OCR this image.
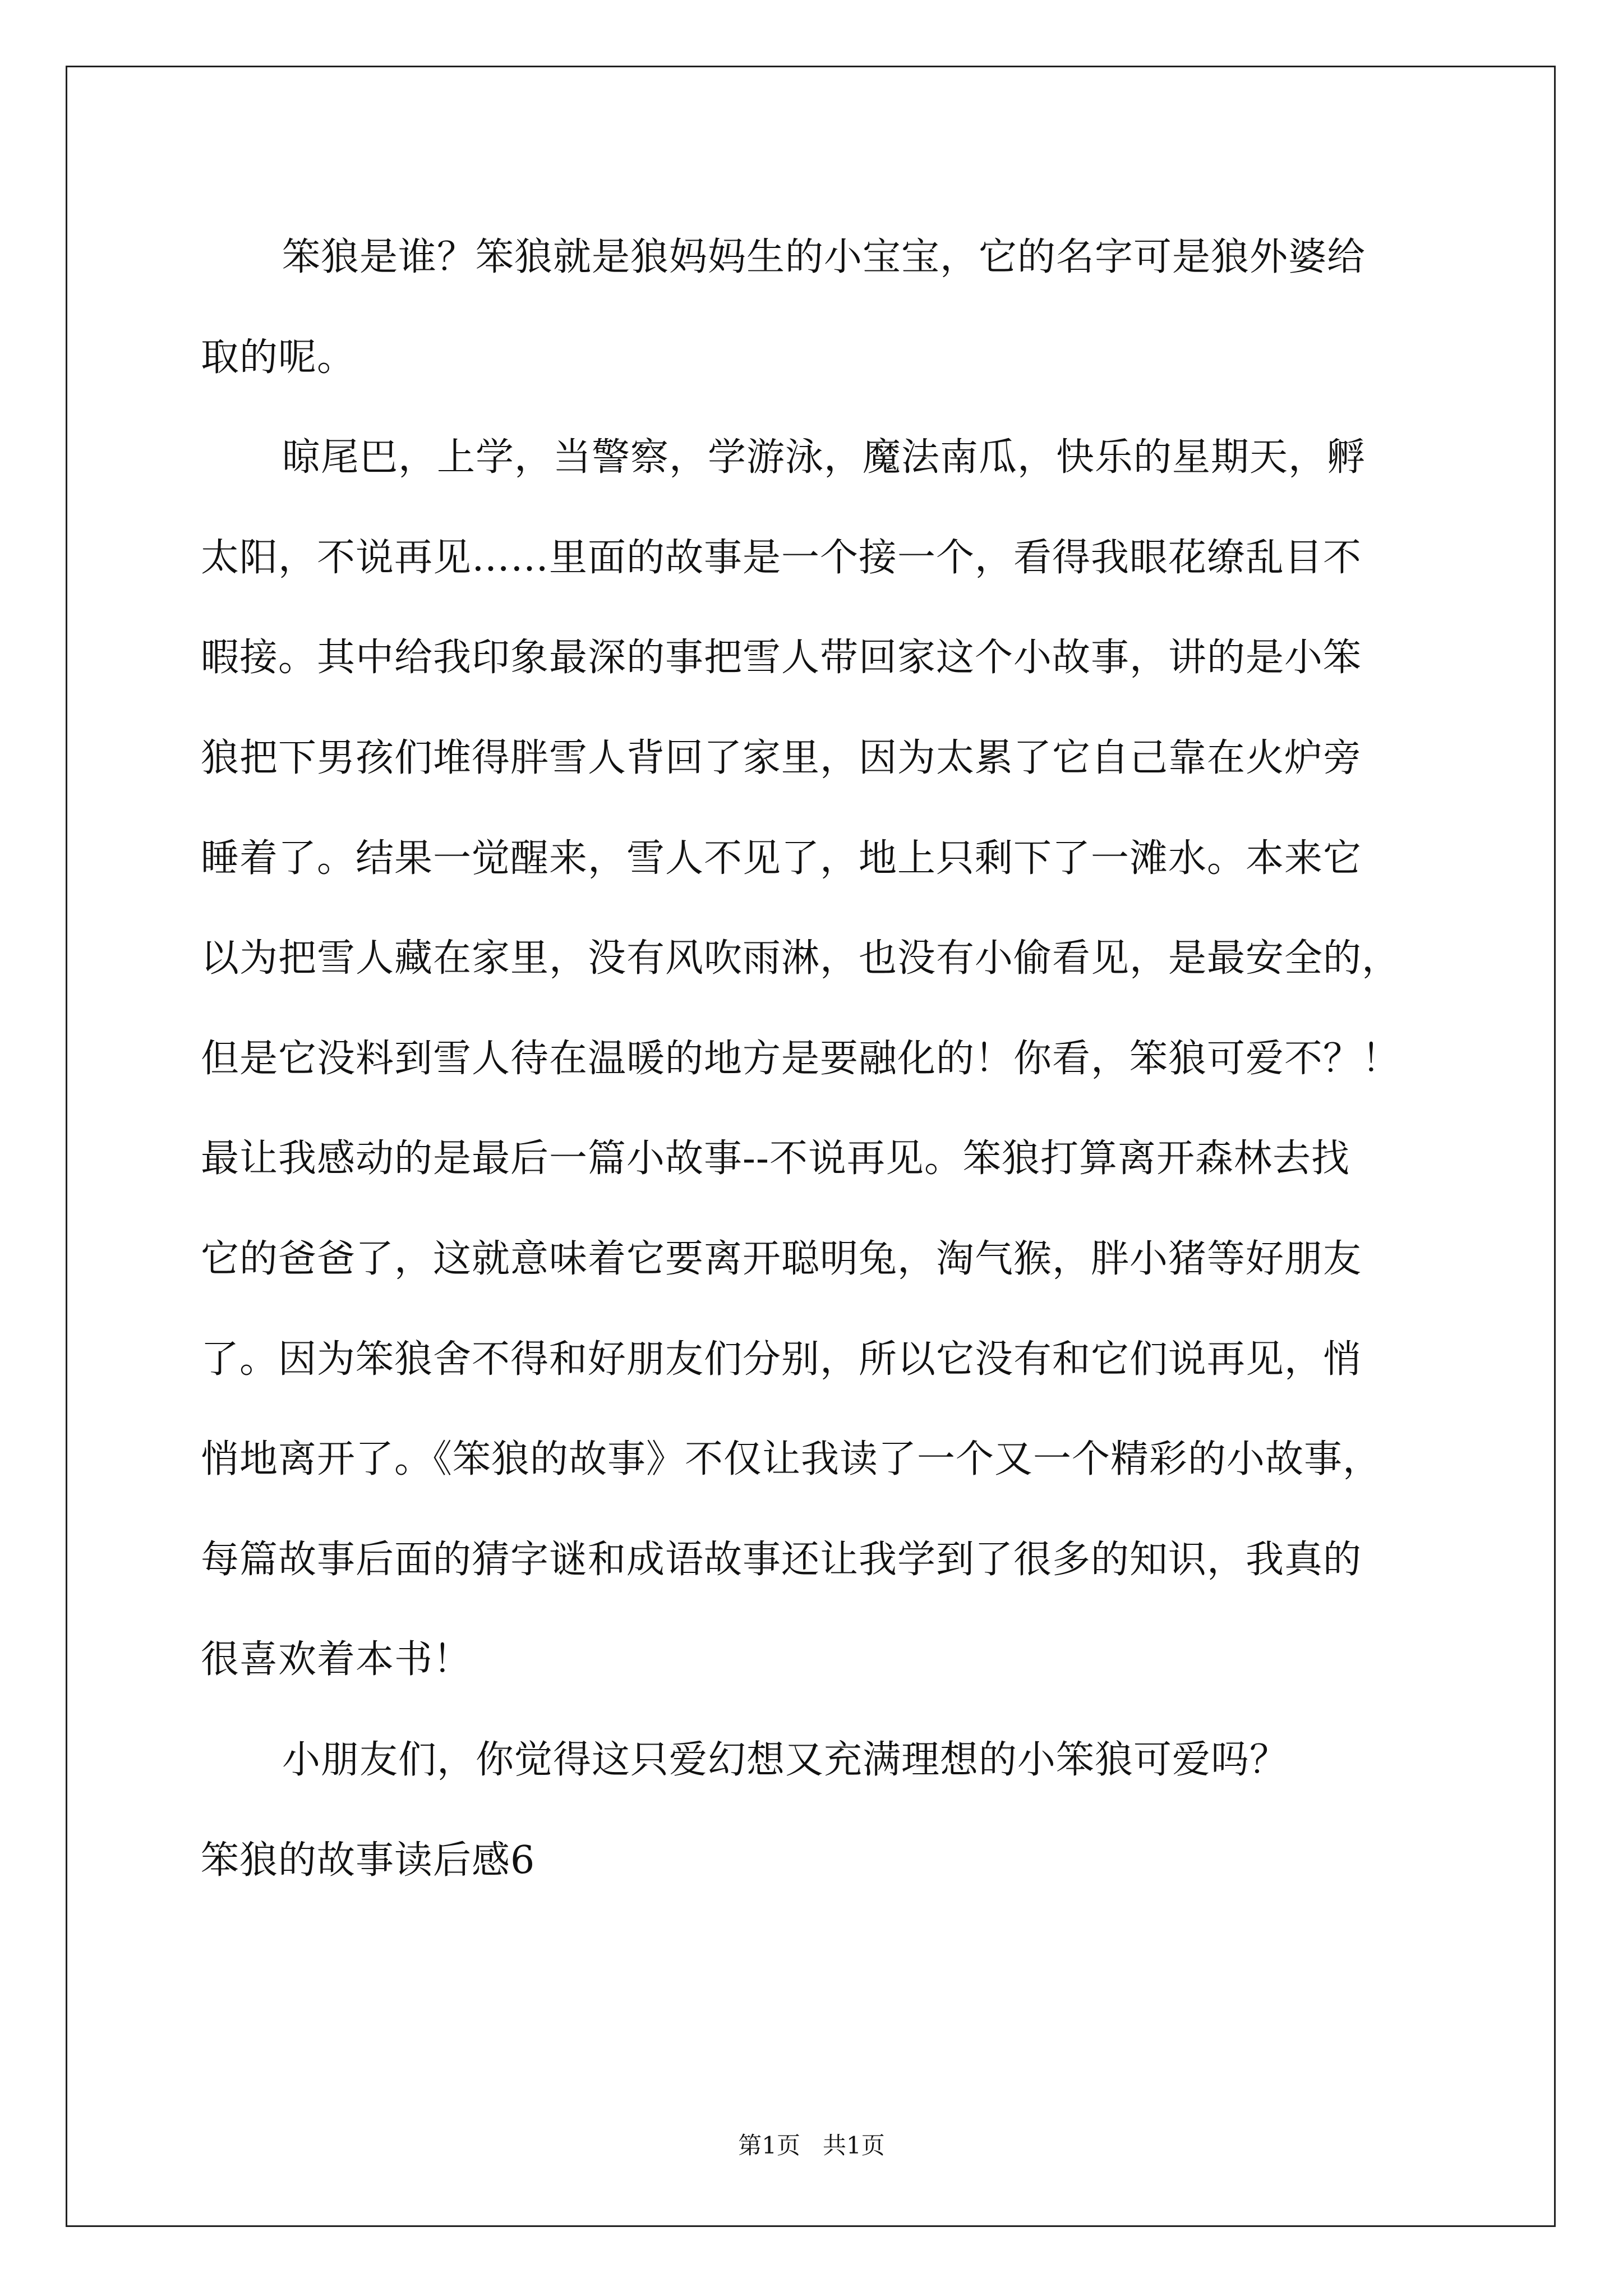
笨狼是谁？笨狼就是狼妈妈生的小宝宝，它的名字可是狼外婆给
取的呢。
晾尾巴，上学，当警察，学游泳，魔法南瓜，快乐的星期天，孵
太阳，不说再见……里面的故事是一个接一个，看得我眼花缭乱目不
暇接。其中给我印象最深的事把雪人带回家这个小故事，讲的是小笨
狼把下男孩们堆得胖雪人背回了家里，因为太累了它自己靠在火炉旁
睡着了。结果一觉醒来，雪人不见了，地上只剩下了一滩水。本来它
以为把雪人藏在家里，没有风吹雨淋，也没有小偷看见，是最安全的，
但是它没料到雪人待在温暖的地方是要融化的！你看，笨狼可爱不？！
最让我感动的是最后一篇小故事--不说再见。笨狼打算离开森林去找
它的爸爸了，这就意味着它要离开聪明兔，淘气猴，胖小猪等好朋友
了。因为笨狼舍不得和好朋友们分别，所以它没有和它们说再见，悄
悄地离开了。《笨狼的故事》不仅让我读了一个又一个精彩的小故事，
每篇故事后面的猜字谜和成语故事还让我学到了很多的知识，我真的
很喜欢着本书！
小朋友们，你觉得这只爱幻想又充满理想的小笨狼可爱吗？
笨狼的故事读后感6
第1页   共1页
